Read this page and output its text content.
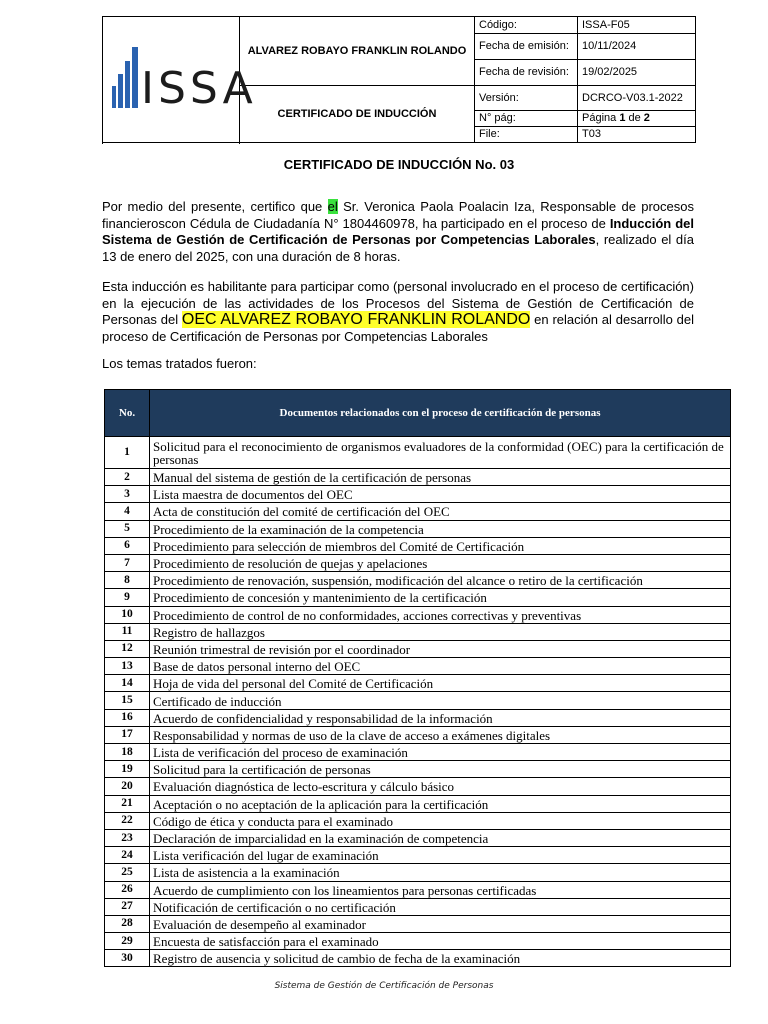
ISSA	ALVAREZ ROBAYO FRANKLIN ROLANDO	Código:	ISSA-F05
		Fecha de emisión:	10/11/2024
		Fecha de revisión:	19/02/2025
	CERTIFICADO DE INDUCCIÓN	Versión:	DCRCO-V03.1-2022
		N° pág:	Página 1 de 2
		File:	T03

CERTIFICADO DE INDUCCIÓN No. 03

Por medio del presente, certifico que el Sr. Veronica Paola Poalacin Iza, Responsable de procesos financieroscon Cédula de Ciudadanía N° 1804460978, ha participado en el proceso de Inducción del Sistema de Gestión de Certificación de Personas por Competencias Laborales, realizado el día 13 de enero del 2025, con una duración de 8 horas.

Esta inducción es habilitante para participar como (personal involucrado en el proceso de certificación) en la ejecución de las actividades de los Procesos del Sistema de Gestión de Certificación de Personas del OEC ALVAREZ ROBAYO FRANKLIN ROLANDO en relación al desarrollo del proceso de Certificación de Personas por Competencias Laborales

Los temas tratados fueron:

No.	Documentos relacionados con el proceso de certificación de personas
1	Solicitud para el reconocimiento de organismos evaluadores de la conformidad (OEC) para la certificación de personas
2	Manual del sistema de gestión de la certificación de personas
3	Lista maestra de documentos del OEC
4	Acta de constitución del comité de certificación del OEC
5	Procedimiento de la examinación de la competencia
6	Procedimiento para selección de miembros del Comité de Certificación
7	Procedimiento de resolución de quejas y apelaciones
8	Procedimiento de renovación, suspensión, modificación del alcance o retiro de la certificación
9	Procedimiento de concesión y mantenimiento de la certificación
10	Procedimiento de control de no conformidades, acciones correctivas y preventivas
11	Registro de hallazgos
12	Reunión trimestral de revisión por el coordinador
13	Base de datos personal interno del OEC
14	Hoja de vida del personal del Comité de Certificación
15	Certificado de inducción
16	Acuerdo de confidencialidad y responsabilidad de la información
17	Responsabilidad y normas de uso de la clave de acceso a exámenes digitales
18	Lista de verificación del proceso de examinación
19	Solicitud para la certificación de personas
20	Evaluación diagnóstica de lecto-escritura y cálculo básico
21	Aceptación o no aceptación de la aplicación para la certificación
22	Código de ética y conducta para el examinado
23	Declaración de imparcialidad en la examinación de competencia
24	Lista verificación del lugar de examinación
25	Lista de asistencia a la examinación
26	Acuerdo de cumplimiento con los lineamientos para personas certificadas
27	Notificación de certificación o no certificación
28	Evaluación de desempeño al examinador
29	Encuesta de satisfacción para el examinado
30	Registro de ausencia y solicitud de cambio de fecha de la examinación
Sistema de Gestión de Certificación de Personas
